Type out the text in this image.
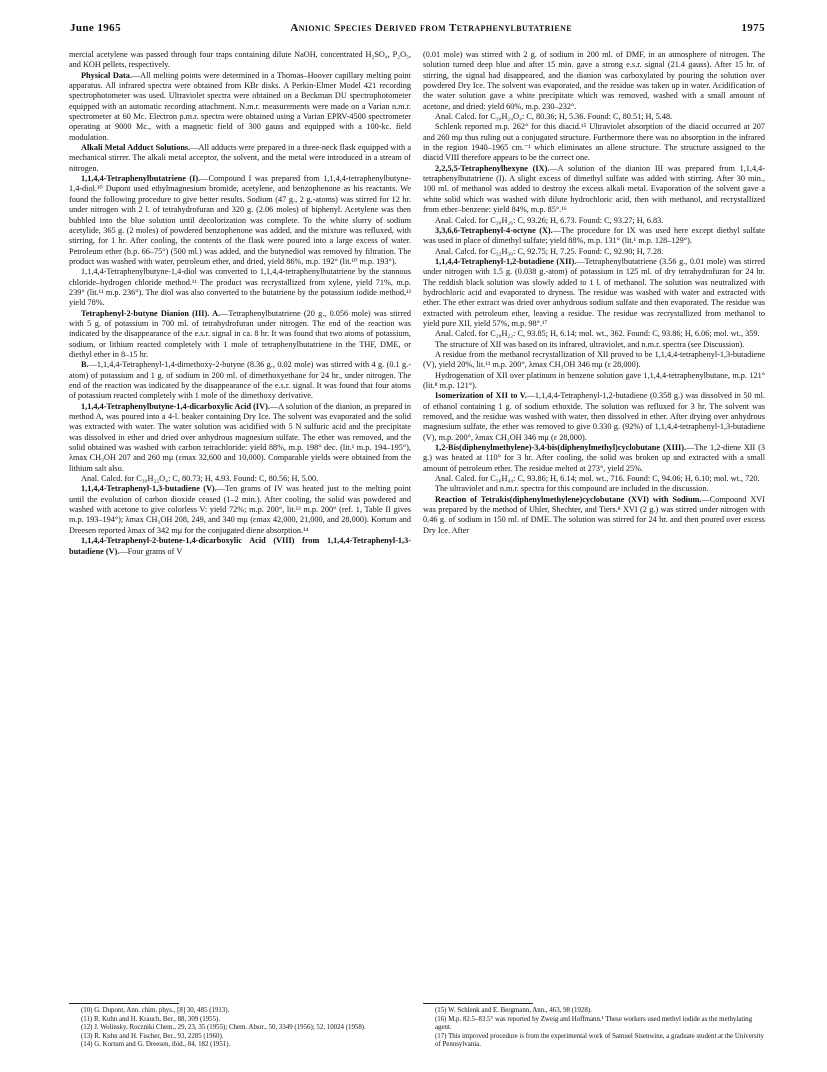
June 1965	Anionic Species Derived from Tetraphenylbutatriene	1975

mercial acetylene was passed through four traps containing dilute NaOH, concentrated H₂SO₄, P₂O₅, and KOH pellets, respectively.

Physical Data.—All melting points were determined in a Thomas–Hoover capillary melting point apparatus. All infrared spectra were obtained from KBr disks. A Perkin-Elmer Model 421 recording spectrophotometer was used. Ultraviolet spectra were obtained on a Beckman DU spectrophotometer equipped with an automatic recording attachment. N.m.r. measurements were made on a Varian n.m.r. spectrometer at 60 Mc. Electron p.m.r. spectra were obtained using a Varian EPRV-4500 spectrometer operating at 9000 Mc., with a magnetic field of 300 gauss and equipped with a 100-kc. field modulation.

Alkali Metal Adduct Solutions.—All adducts were prepared in a three-neck flask equipped with a mechanical stirrer. The alkali metal acceptor, the solvent, and the metal were introduced in a stream of nitrogen.

1,1,4,4-Tetraphenylbutatriene (I).—Compound I was prepared from 1,1,4,4-tetraphenylbutyne-1,4-diol.¹⁰ Dupont used ethylmagnesium bromide, acetylene, and benzophenone as his reactants. We found the following procedure to give better results. Sodium (47 g., 2 g.-atoms) was stirred for 12 hr. under nitrogen with 2 l. of tetrahydrofuran and 320 g. (2.06 moles) of biphenyl. Acetylene was then bubbled into the blue solution until decolorization was complete. To the white slurry of sodium acetylide, 365 g. (2 moles) of powdered benzophenone was added, and the mixture was refluxed, with stirring, for 1 hr. After cooling, the contents of the flask were poured into a large excess of water. Petroleum ether (b.p. 66–75°) (500 ml.) was added, and the butynediol was removed by filtration. The product was washed with water, petroleum ether, and dried, yield 86%, m.p. 192° (lit.¹⁰ m.p. 193°).

1,1,4,4-Tetraphenylbutyne-1,4-diol was converted to 1,1,4,4-tetraphenylbutatriene by the stannous chloride–hydrogen chloride method.¹¹ The product was recrystallized from xylene, yield 71%, m.p. 239° (lit.¹¹ m.p. 236°). The diol was also converted to the butatriene by the potassium iodide method,¹² yield 78%.

Tetraphenyl-2-butyne Dianion (III). A.—Tetraphenylbutatriene (20 g., 0.056 mole) was stirred with 5 g. of potassium in 700 ml. of tetrahydrofuran under nitrogen. The end of the reaction was indicated by the disappearance of the e.s.r. signal in ca. 8 hr. It was found that two atoms of potassium, sodium, or lithium reacted completely with 1 mole of tetraphenylbutatriene in the THF, DME, or diethyl ether in 8–15 hr.

B.—1,1,4,4-Tetraphenyl-1,4-dimethoxy-2-butyne (8.36 g., 0.02 mole) was stirred with 4 g. (0.1 g.-atom) of potassium and 1 g. of sodium in 200 ml. of dimethoxyethane for 24 hr., under nitrogen. The end of the reaction was indicated by the disappearance of the e.s.r. signal. It was found that four atoms of potassium reacted completely with 1 mole of the dimethoxy derivative.

1,1,4,4-Tetraphenylbutyne-1,4-dicarboxylic Acid (IV).—A solution of the dianion, as prepared in method A, was poured into a 4-l. beaker containing Dry Ice. The solvent was evaporated and the solid was extracted with water. The water solution was acidified with 5 N sulfuric acid and the precipitate was dissolved in ether and dried over anhydrous magnesium sulfate. The ether was removed, and the solid obtained was washed with carbon tetrachloride: yield 88%, m.p. 198° dec. (lit.¹ m.p. 194–195°), λmax CH₃OH 207 and 260 mμ (εmax 32,600 and 10,000). Comparable yields were obtained from the lithium salt also.

Anal. Calcd. for C₃₀H₂₂O₄: C, 80.73; H, 4.93. Found: C, 80.56; H, 5.00.

1,1,4,4-Tetraphenyl-1,3-butadiene (V).—Ten grams of IV was heated just to the melting point until the evolution of carbon dioxide ceased (1–2 min.). After cooling, the solid was powdered and washed with acetone to give colorless V: yield 72%; m.p. 200°, lit.¹³ m.p. 200° (ref. 1, Table II gives m.p. 193–194°); λmax CH₃OH 208, 249, and 340 mμ (εmax 42,000, 21,000, and 28,000). Kortum and Dreesen reported λmax of 342 mμ for the conjugated diene absorption.¹⁴

1,1,4,4-Tetraphenyl-2-butene-1,4-dicarboxylic Acid (VIII) from 1,1,4,4-Tetraphenyl-1,3-butadiene (V).—Four grams of V

(0.01 mole) was stirred with 2 g. of sodium in 200 ml. of DMF, in an atmosphere of nitrogen. The solution turned deep blue and after 15 min. gave a strong e.s.r. signal (21.4 gauss). After 15 hr. of stirring, the signal had disappeared, and the dianion was carboxylated by pouring the solution over powdered Dry Ice. The solvent was evaporated, and the residue was taken up in water. Acidification of the water solution gave a white precipitate which was removed, washed with a small amount of acetone, and dried: yield 60%, m.p. 230–232°.

Anal. Calcd. for C₃₀H₂₄O₄: C, 80.36; H, 5.36. Found: C, 80.51; H, 5.48.

Schlenk reported m.p. 262° for this diacid.¹⁵ Ultraviolet absorption of the diacid occurred at 207 and 260 mμ thus ruling out a conjugated structure. Furthermore there was no absorption in the infrared in the region 1940–1965 cm.⁻¹ which eliminates an allene structure. The structure assigned to the diacid VIII therefore appears to be the correct one.

2,2,5,5-Tetraphenylhexyne (IX).—A solution of the dianion III was prepared from 1,1,4,4-tetraphenylbutatriene (I). A slight excess of dimethyl sulfate was added with stirring. After 30 min., 100 ml. of methanol was added to destroy the excess alkali metal. Evaporation of the solvent gave a white solid which was washed with dilute hydrochloric acid, then with methanol, and recrystallized from ether–benzene: yield 84%, m.p. 85°.¹⁶

Anal. Calcd. for C₃₀H₂₆: C, 93.26; H, 6.73. Found: C, 93.27; H, 6.83.

3,3,6,6-Tetraphenyl-4-octyne (X).—The procedure for IX was used here except diethyl sulfate was used in place of dimethyl sulfate; yield 88%, m.p. 131° (lit.¹ m.p. 128–129°).

Anal. Calcd. for C₃₂H₃₀: C, 92.75; H, 7.25. Found: C, 92.90; H, 7.28.

1,1,4,4-Tetraphenyl-1,2-butadiene (XII).—Tetraphenylbutatriene (3.56 g., 0.01 mole) was stirred under nitrogen with 1.5 g. (0.038 g.-atom) of potassium in 125 ml. of dry tetrahydrofuran for 24 hr. The reddish black solution was slowly added to 1 l. of methanol. The solution was neutralized with hydrochloric acid and evaporated to dryness. The residue was washed with water and extracted with ether. The ether extract was dried over anhydrous sodium sulfate and then evaporated. The residue was extracted with petroleum ether, leaving a residue. The residue was recrystallized from methanol to yield pure XII, yield 57%, m.p. 98°.¹⁷

Anal. Calcd. for C₂₈H₂₂: C, 93.85; H, 6.14; mol. wt., 362. Found: C, 93.86; H, 6.06; mol. wt., 359.

The structure of XII was based on its infrared, ultraviolet, and n.m.r. spectra (see Discussion).

A residue from the methanol recrystallization of XII proved to be 1,1,4,4-tetraphenyl-1,3-butadiene (V), yield 20%, lit.¹³ m.p. 200°, λmax CH₃OH 346 mμ (ε 28,000).

Hydrogenation of XII over platinum in benzene solution gave 1,1,4,4-tetraphenylbutane, m.p. 121° (lit.⁸ m.p. 121°).

Isomerization of XII to V.—1,1,4,4-Tetraphenyl-1,2-butadiene (0.358 g.) was dissolved in 50 ml. of ethanol containing 1 g. of sodium ethoxide. The solution was refluxed for 3 hr. The solvent was removed, and the residue was washed with water, then dissolved in ether. After drying over anhydrous magnesium sulfate, the ether was removed to give 0.330 g. (92%) of 1,1,4,4-tetraphenyl-1,3-butadiene (V), m.p. 200°, λmax CH₃OH 346 mμ (ε 28,000).

1,2-Bis(diphenylmethylene)-3,4-bis(diphenylmethyl)cyclobutane (XIII).—The 1,2-diene XII (3 g.) was heated at 110° for 3 hr. After cooling, the solid was broken up and extracted with a small amount of petroleum ether. The residue melted at 273°, yield 25%.

Anal. Calcd. for C₅₆H₄₄: C, 93.86; H, 6.14; mol. wt., 716. Found: C, 94.06; H, 6.10; mol. wt., 720.

The ultraviolet and n.m.r. spectra for this compound are included in the discussion.

Reaction of Tetrakis(diphenylmethylene)cyclobutane (XVI) with Sodium.—Compound XVI was prepared by the method of Uhler, Shechter, and Tiers.⁸ XVI (2 g.) was stirred under nitrogen with 0.46 g. of sodium in 150 ml. of DME. The solution was stirred for 24 hr. and then poured over excess Dry Ice. After

(10) G. Dupont, Ann. chim. phys., [8] 30, 485 (1913).
(11) R. Kuhn and H. Krauch, Ber., 88, 309 (1955).
(12) J. Wolinsky, Roczniki Chem., 29, 23, 35 (1955); Chem. Abstr., 50, 3349 (1956); 52, 10024 (1958).
(13) R. Kuhn and H. Fischer, Ber., 93, 2285 (1960).
(14) G. Kortum and G. Dreesen, ibid., 84, 182 (1951).
(15) W. Schlenk and E. Bergmann, Ann., 463, 98 (1928).
(16) M.p. 82.5–83.5° was reported by Zweig and Hoffmann.¹ These workers used methyl iodide as the methylating agent.
(17) This improved procedure is from the experimental work of Samuel Sisenwine, a graduate student at the University of Pennsylvania.
